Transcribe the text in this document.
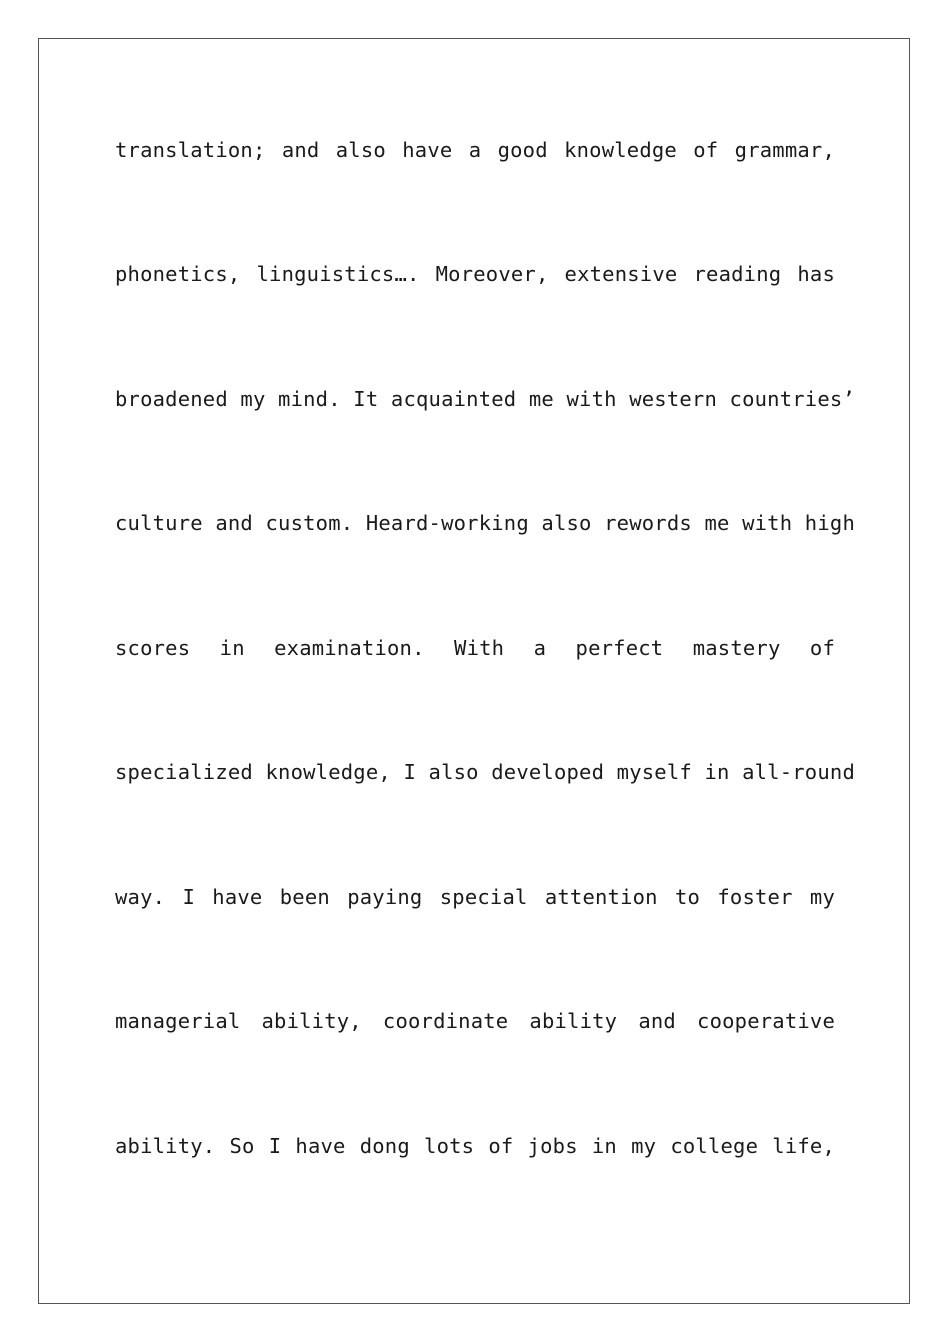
translation; and also have a good knowledge of grammar,
phonetics, linguistics…. Moreover, extensive reading has
broadened my mind. It acquainted me with western countries’
culture and custom. Heard-working also rewords me with high
scores in examination. With a perfect mastery of
specialized knowledge, I also developed myself in all-round
way. I have been paying special attention to foster my
managerial ability, coordinate ability and cooperative
ability. So I have dong lots of jobs in my college life,
